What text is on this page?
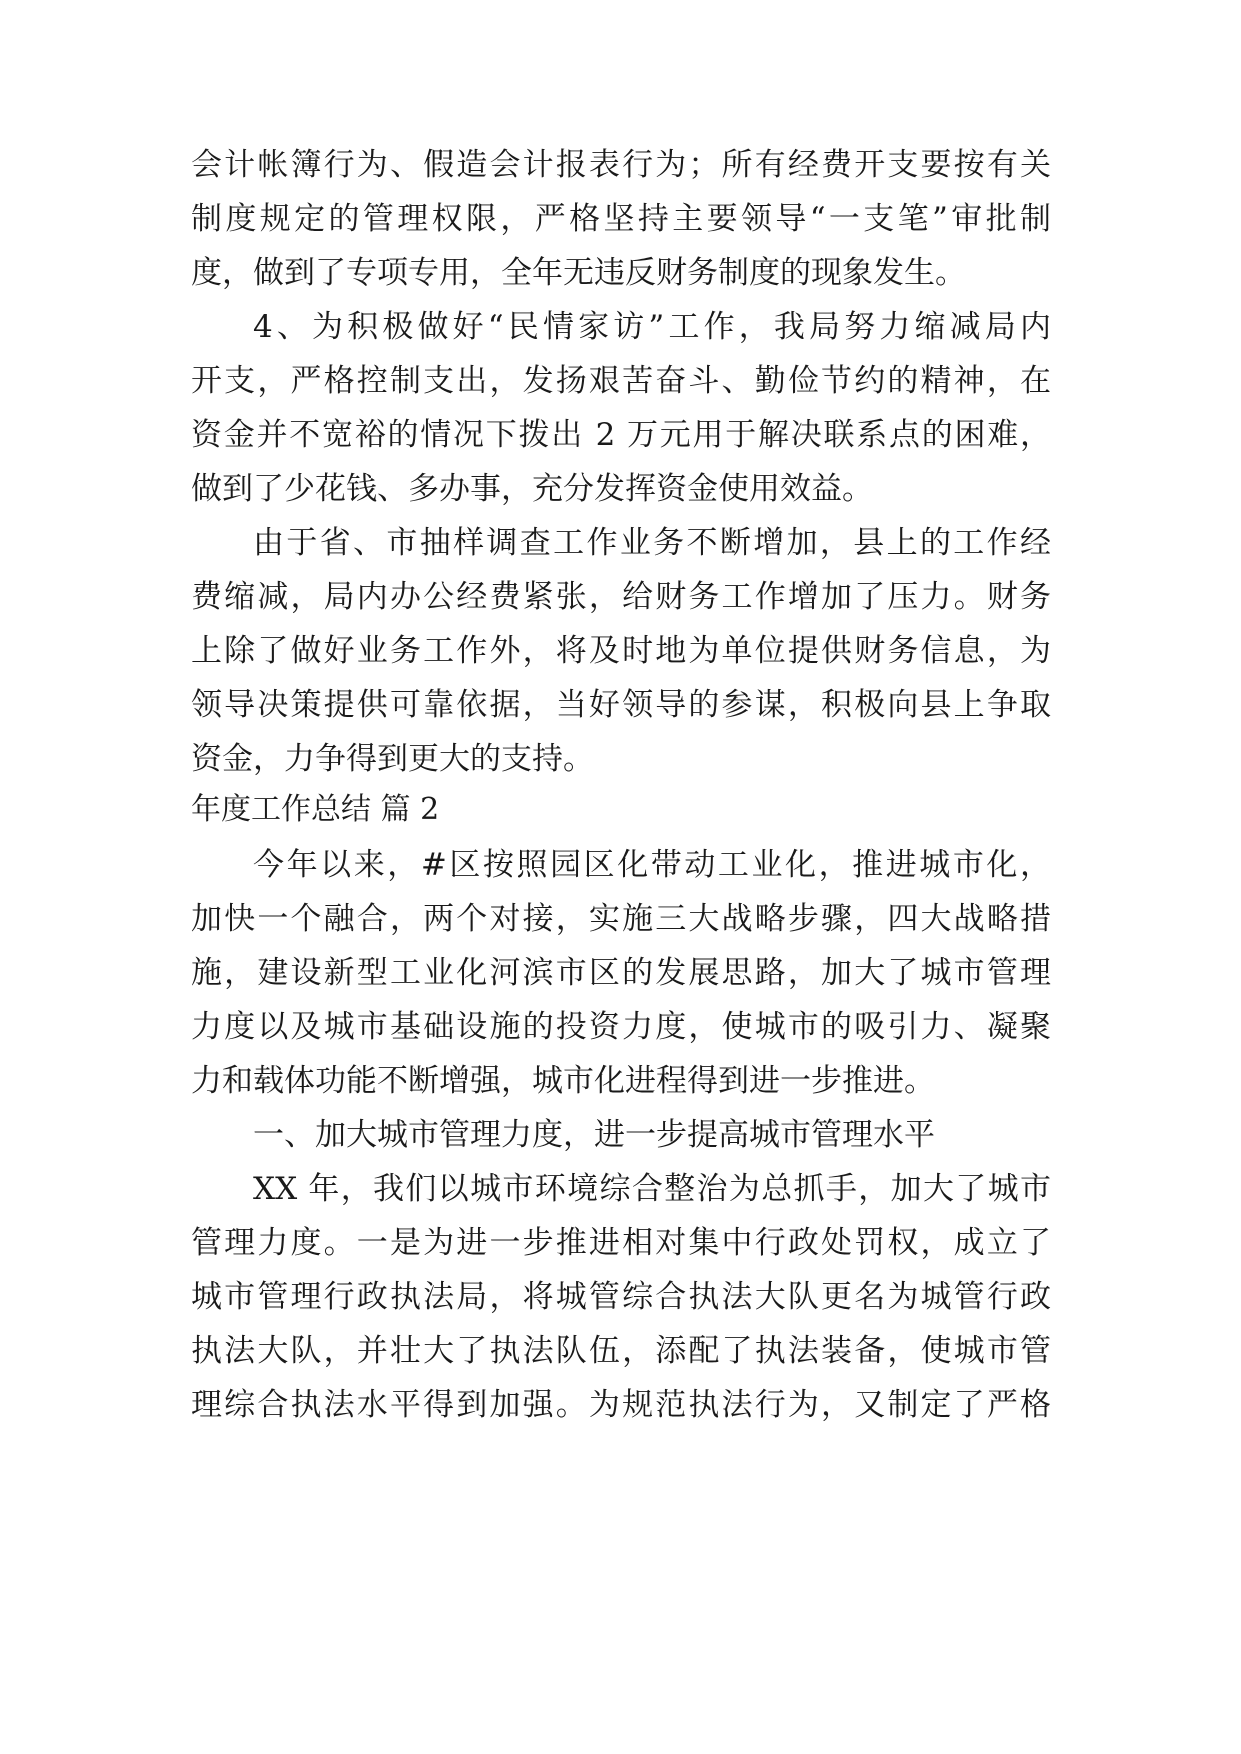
会计帐簿行为、假造会计报表行为；所有经费开支要按有关
制度规定的管理权限，严格坚持主要领导“一支笔”审批制
度，做到了专项专用，全年无违反财务制度的现象发生。
4、为积极做好“民情家访”工作，我局努力缩减局内
开支，严格控制支出，发扬艰苦奋斗、勤俭节约的精神，在
资金并不宽裕的情况下拨出 2 万元用于解决联系点的困难，
做到了少花钱、多办事，充分发挥资金使用效益。
由于省、市抽样调查工作业务不断增加，县上的工作经
费缩减，局内办公经费紧张，给财务工作增加了压力。财务
上除了做好业务工作外，将及时地为单位提供财务信息，为
领导决策提供可靠依据，当好领导的参谋，积极向县上争取
资金，力争得到更大的支持。
年度工作总结 篇 2
今年以来，#区按照园区化带动工业化，推进城市化，
加快一个融合，两个对接，实施三大战略步骤，四大战略措
施，建设新型工业化河滨市区的发展思路，加大了城市管理
力度以及城市基础设施的投资力度，使城市的吸引力、凝聚
力和载体功能不断增强，城市化进程得到进一步推进。
一、加大城市管理力度，进一步提高城市管理水平
XX 年，我们以城市环境综合整治为总抓手，加大了城市
管理力度。一是为进一步推进相对集中行政处罚权，成立了
城市管理行政执法局，将城管综合执法大队更名为城管行政
执法大队，并壮大了执法队伍，添配了执法装备，使城市管
理综合执法水平得到加强。为规范执法行为，又制定了严格
